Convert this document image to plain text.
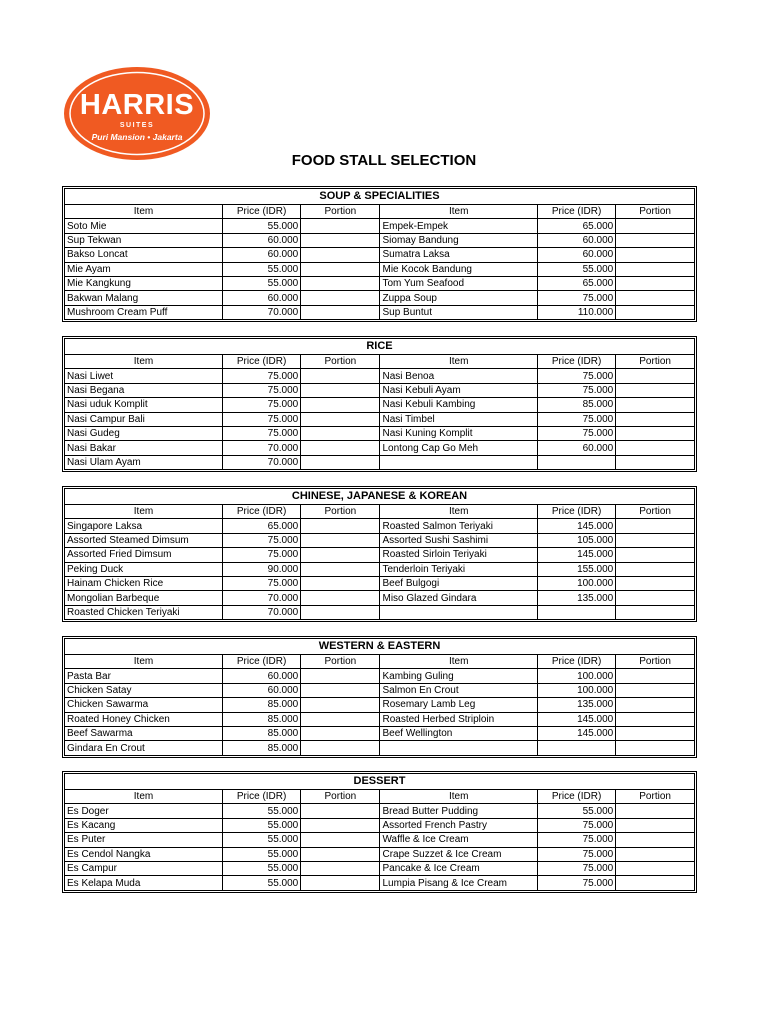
HARRIS
SUITES
Puri Mansion • Jakarta
FOOD STALL SELECTION
SOUP & SPECIALITIES
Item	Price (IDR)	Portion	Item	Price (IDR)	Portion
Soto Mie	55.000		Empek-Empek	65.000	
Sup Tekwan	60.000		Siomay Bandung	60.000	
Bakso Loncat	60.000		Sumatra Laksa	60.000	
Mie Ayam	55.000		Mie Kocok Bandung	55.000	
Mie Kangkung	55.000		Tom Yum Seafood	65.000	
Bakwan Malang	60.000		Zuppa Soup	75.000	
Mushroom Cream Puff	70.000		Sup Buntut	110.000	
RICE
Item	Price (IDR)	Portion	Item	Price (IDR)	Portion
Nasi Liwet	75.000		Nasi Benoa	75.000	
Nasi Begana	75.000		Nasi Kebuli Ayam	75.000	
Nasi uduk Komplit	75.000		Nasi Kebuli Kambing	85.000	
Nasi Campur Bali	75.000		Nasi Timbel	75.000	
Nasi Gudeg	75.000		Nasi Kuning Komplit	75.000	
Nasi Bakar	70.000		Lontong Cap Go Meh	60.000	
Nasi Ulam Ayam	70.000				
CHINESE, JAPANESE & KOREAN
Item	Price (IDR)	Portion	Item	Price (IDR)	Portion
Singapore Laksa	65.000		Roasted Salmon Teriyaki	145.000	
Assorted Steamed Dimsum	75.000		Assorted Sushi Sashimi	105.000	
Assorted Fried Dimsum	75.000		Roasted Sirloin Teriyaki	145.000	
Peking Duck	90.000		Tenderloin Teriyaki	155.000	
Hainam Chicken Rice	75.000		Beef Bulgogi	100.000	
Mongolian Barbeque	70.000		Miso Glazed Gindara	135.000	
Roasted Chicken Teriyaki	70.000				
WESTERN & EASTERN
Item	Price (IDR)	Portion	Item	Price (IDR)	Portion
Pasta Bar	60.000		Kambing Guling	100.000	
Chicken Satay	60.000		Salmon En Crout	100.000	
Chicken Sawarma	85.000		Rosemary Lamb Leg	135.000	
Roated Honey Chicken	85.000		Roasted Herbed Striploin	145.000	
Beef Sawarma	85.000		Beef Wellington	145.000	
Gindara En Crout	85.000				
DESSERT
Item	Price (IDR)	Portion	Item	Price (IDR)	Portion
Es Doger	55.000		Bread Butter Pudding	55.000	
Es Kacang	55.000		Assorted French Pastry	75.000	
Es Puter	55.000		Waffle & Ice Cream	75.000	
Es Cendol Nangka	55.000		Crape Suzzet & Ice Cream	75.000	
Es Campur	55.000		Pancake & Ice Cream	75.000	
Es Kelapa Muda	55.000		Lumpia Pisang & Ice Cream	75.000	
